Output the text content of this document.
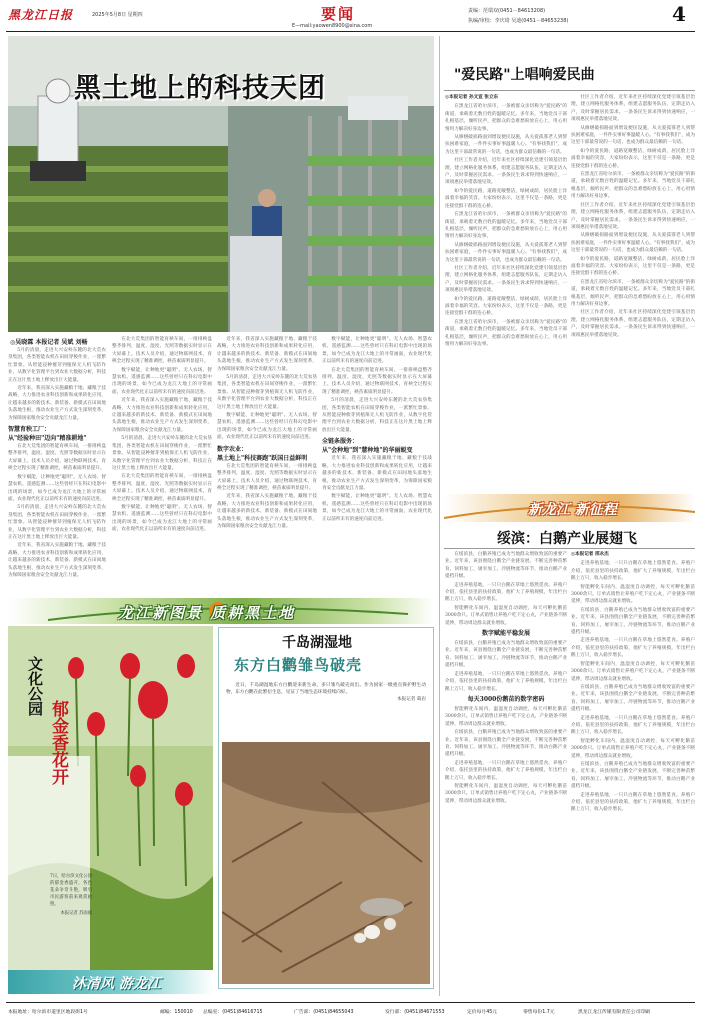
黑龙江日报	2025年5月8日 星期四	要闻
E—mail:yaowen8900@sina.com
责编：范瑞双(0451－84613208)
执编/审校：李庆琦 吴迪(0451－84653238)	4
黑土地上的科技天团
◎吴晓霖 本报记者 吴斌 刘畅

5月的清晨，走进大兴安岭东麓的北大荒农垦集团，各类智能农机在田间穿梭作业，一派繁忙景象。从智能浸种催芽到植保无人机飞防作业，从数字化管理平台到农业大数据分析，科技正在这片黑土地上释放出巨大能量。

近年来，我省深入实施藏粮于地、藏粮于技战略，大力推进农业科技创新和成果转化应用，让越来越多的新技术、新装备、新模式在田间地头落地生根，推动农业生产方式发生深刻变革，为保障国家粮食安全贡献龙江力量。

智慧育秧工厂：
从"经验种田"迈向"精准耕地"

在北大荒集团的智能育秧车间，一排排秧盘整齐排列，温度、湿度、光照等数据实时显示在大屏幕上。技术人员介绍，通过物联网技术，育秧全过程实现了精准调控，秧苗素质明显提升。

数字赋能，让种地更"聪明"。无人农场、智慧农机、遥感监测……这些曾经只在科幻电影中出现的场景，如今已成为龙江大地上的寻常画面，农业现代化正以前所未有的速度向前迈进。

5月的清晨，走进大兴安岭东麓的北大荒农垦集团，各类智能农机在田间穿梭作业，一派繁忙景象。从智能浸种催芽到植保无人机飞防作业，从数字化管理平台到农业大数据分析，科技正在这片黑土地上释放出巨大能量。

近年来，我省深入实施藏粮于地、藏粮于技战略，大力推进农业科技创新和成果转化应用，让越来越多的新技术、新装备、新模式在田间地头落地生根，推动农业生产方式发生深刻变革，为保障国家粮食安全贡献龙江力量。

在北大荒集团的智能育秧车间，一排排秧盘整齐排列，温度、湿度、光照等数据实时显示在大屏幕上。技术人员介绍，通过物联网技术，育秧全过程实现了精准调控，秧苗素质明显提升。

数字赋能，让种地更"聪明"。无人农场、智慧农机、遥感监测……这些曾经只在科幻电影中出现的场景，如今已成为龙江大地上的寻常画面，农业现代化正以前所未有的速度向前迈进。

近年来，我省深入实施藏粮于地、藏粮于技战略，大力推进农业科技创新和成果转化应用，让越来越多的新技术、新装备、新模式在田间地头落地生根，推动农业生产方式发生深刻变革，为保障国家粮食安全贡献龙江力量。

5月的清晨，走进大兴安岭东麓的北大荒农垦集团，各类智能农机在田间穿梭作业，一派繁忙景象。从智能浸种催芽到植保无人机飞防作业，从数字化管理平台到农业大数据分析，科技正在这片黑土地上释放出巨大能量。

在北大荒集团的智能育秧车间，一排排秧盘整齐排列，温度、湿度、光照等数据实时显示在大屏幕上。技术人员介绍，通过物联网技术，育秧全过程实现了精准调控，秧苗素质明显提升。

数字赋能，让种地更"聪明"。无人农场、智慧农机、遥感监测……这些曾经只在科幻电影中出现的场景，如今已成为龙江大地上的寻常画面，农业现代化正以前所未有的速度向前迈进。

近年来，我省深入实施藏粮于地、藏粮于技战略，大力推进农业科技创新和成果转化应用，让越来越多的新技术、新装备、新模式在田间地头落地生根，推动农业生产方式发生深刻变革，为保障国家粮食安全贡献龙江力量。

5月的清晨，走进大兴安岭东麓的北大荒农垦集团，各类智能农机在田间穿梭作业，一派繁忙景象。从智能浸种催芽到植保无人机飞防作业，从数字化管理平台到农业大数据分析，科技正在这片黑土地上释放出巨大能量。

数字赋能，让种地更"聪明"。无人农场、智慧农机、遥感监测……这些曾经只在科幻电影中出现的场景，如今已成为龙江大地上的寻常画面，农业现代化正以前所未有的速度向前迈进。

数字农业：
黑土地上"科技赛跑"跃国日益鲜明

在北大荒集团的智能育秧车间，一排排秧盘整齐排列，温度、湿度、光照等数据实时显示在大屏幕上。技术人员介绍，通过物联网技术，育秧全过程实现了精准调控，秧苗素质明显提升。

近年来，我省深入实施藏粮于地、藏粮于技战略，大力推进农业科技创新和成果转化应用，让越来越多的新技术、新装备、新模式在田间地头落地生根，推动农业生产方式发生深刻变革，为保障国家粮食安全贡献龙江力量。

数字赋能，让种地更"聪明"。无人农场、智慧农机、遥感监测……这些曾经只在科幻电影中出现的场景，如今已成为龙江大地上的寻常画面，农业现代化正以前所未有的速度向前迈进。

在北大荒集团的智能育秧车间，一排排秧盘整齐排列，温度、湿度、光照等数据实时显示在大屏幕上。技术人员介绍，通过物联网技术，育秧全过程实现了精准调控，秧苗素质明显提升。

5月的清晨，走进大兴安岭东麓的北大荒农垦集团，各类智能农机在田间穿梭作业，一派繁忙景象。从智能浸种催芽到植保无人机飞防作业，从数字化管理平台到农业大数据分析，科技正在这片黑土地上释放出巨大能量。

全链条服务：
从"会种地"到"慧种地"的华丽蜕变

近年来，我省深入实施藏粮于地、藏粮于技战略，大力推进农业科技创新和成果转化应用，让越来越多的新技术、新装备、新模式在田间地头落地生根，推动农业生产方式发生深刻变革，为保障国家粮食安全贡献龙江力量。

数字赋能，让种地更"聪明"。无人农场、智慧农机、遥感监测……这些曾经只在科幻电影中出现的场景，如今已成为龙江大地上的寻常画面，农业现代化正以前所未有的速度向前迈进。

"爱民路"上唱响爱民曲
◎本报记者 孙文宣 张立东

在黑龙江省哈尔滨市，一条被群众亲切称为"爱民路"的街道，承载着无数百姓的温暖记忆。多年来，当地党员干部扎根基层，倾听民声，把群众的急难愁盼放在心上，用心用情用力解决好身边事。

从修缮破损路面到增设便民设施，从关爱孤寡老人到帮扶困难家庭，一件件实事好事温暖人心。"有事找我们"，成为这里干部最常说的一句话，也成为群众最信赖的一句话。

社区工作者介绍，近年来社区持续深化党建引领基层治理，建立网格化服务体系，组建志愿服务队伍，定期走访入户，及时掌握居民需求。一条条民生诉求得到快速响应，一项项惠民举措落地见效。

如今的爱民路，道路宽敞整洁，绿树成荫，居民脸上洋溢着幸福的笑容。大家纷纷表示，这里不仅是一条路，更是连接党群干群的连心桥。

在黑龙江省哈尔滨市，一条被群众亲切称为"爱民路"的街道，承载着无数百姓的温暖记忆。多年来，当地党员干部扎根基层，倾听民声，把群众的急难愁盼放在心上，用心用情用力解决好身边事。

从修缮破损路面到增设便民设施，从关爱孤寡老人到帮扶困难家庭，一件件实事好事温暖人心。"有事找我们"，成为这里干部最常说的一句话，也成为群众最信赖的一句话。

社区工作者介绍，近年来社区持续深化党建引领基层治理，建立网格化服务体系，组建志愿服务队伍，定期走访入户，及时掌握居民需求。一条条民生诉求得到快速响应，一项项惠民举措落地见效。

如今的爱民路，道路宽敞整洁，绿树成荫，居民脸上洋溢着幸福的笑容。大家纷纷表示，这里不仅是一条路，更是连接党群干群的连心桥。

在黑龙江省哈尔滨市，一条被群众亲切称为"爱民路"的街道，承载着无数百姓的温暖记忆。多年来，当地党员干部扎根基层，倾听民声，把群众的急难愁盼放在心上，用心用情用力解决好身边事。

社区工作者介绍，近年来社区持续深化党建引领基层治理，建立网格化服务体系，组建志愿服务队伍，定期走访入户，及时掌握居民需求。一条条民生诉求得到快速响应，一项项惠民举措落地见效。

从修缮破损路面到增设便民设施，从关爱孤寡老人到帮扶困难家庭，一件件实事好事温暖人心。"有事找我们"，成为这里干部最常说的一句话，也成为群众最信赖的一句话。

如今的爱民路，道路宽敞整洁，绿树成荫，居民脸上洋溢着幸福的笑容。大家纷纷表示，这里不仅是一条路，更是连接党群干群的连心桥。

在黑龙江省哈尔滨市，一条被群众亲切称为"爱民路"的街道，承载着无数百姓的温暖记忆。多年来，当地党员干部扎根基层，倾听民声，把群众的急难愁盼放在心上，用心用情用力解决好身边事。

社区工作者介绍，近年来社区持续深化党建引领基层治理，建立网格化服务体系，组建志愿服务队伍，定期走访入户，及时掌握居民需求。一条条民生诉求得到快速响应，一项项惠民举措落地见效。

从修缮破损路面到增设便民设施，从关爱孤寡老人到帮扶困难家庭，一件件实事好事温暖人心。"有事找我们"，成为这里干部最常说的一句话，也成为群众最信赖的一句话。

如今的爱民路，道路宽敞整洁，绿树成荫，居民脸上洋溢着幸福的笑容。大家纷纷表示，这里不仅是一条路，更是连接党群干群的连心桥。

在黑龙江省哈尔滨市，一条被群众亲切称为"爱民路"的街道，承载着无数百姓的温暖记忆。多年来，当地党员干部扎根基层，倾听民声，把群众的急难愁盼放在心上，用心用情用力解决好身边事。

社区工作者介绍，近年来社区持续深化党建引领基层治理，建立网格化服务体系，组建志愿服务队伍，定期走访入户，及时掌握居民需求。一条条民生诉求得到快速响应，一项项惠民举措落地见效。

新龙江 新征程
绥滨：白鹅产业展翅飞

在绥滨县，白鹅养殖已成为当地群众增收致富的重要产业。近年来，该县围绕白鹅全产业链发展，不断完善种苗繁育、饲料加工、屠宰加工、冷链物流等环节，推动白鹅产业提档升级。

走进养殖基地，一只只白鹅在草地上悠然觅食。养殖户介绍，依托县里的扶持政策，他扩大了养殖规模，年出栏白鹅上万只，收入稳步增长。

智能孵化车间内，温湿度自动调控，每天可孵化鹅苗3000余只。订单式销售让养殖户吃下定心丸，产业链条不断延伸，带动周边群众就业增收。

数字赋能平稳发展

在绥滨县，白鹅养殖已成为当地群众增收致富的重要产业。近年来，该县围绕白鹅全产业链发展，不断完善种苗繁育、饲料加工、屠宰加工、冷链物流等环节，推动白鹅产业提档升级。

走进养殖基地，一只只白鹅在草地上悠然觅食。养殖户介绍，依托县里的扶持政策，他扩大了养殖规模，年出栏白鹅上万只，收入稳步增长。

每天3000份鹅苗的数字密码

智能孵化车间内，温湿度自动调控，每天可孵化鹅苗3000余只。订单式销售让养殖户吃下定心丸，产业链条不断延伸，带动周边群众就业增收。

在绥滨县，白鹅养殖已成为当地群众增收致富的重要产业。近年来，该县围绕白鹅全产业链发展，不断完善种苗繁育、饲料加工、屠宰加工、冷链物流等环节，推动白鹅产业提档升级。

走进养殖基地，一只只白鹅在草地上悠然觅食。养殖户介绍，依托县里的扶持政策，他扩大了养殖规模，年出栏白鹅上万只，收入稳步增长。

智能孵化车间内，温湿度自动调控，每天可孵化鹅苗3000余只。订单式销售让养殖户吃下定心丸，产业链条不断延伸，带动周边群众就业增收。

◎本报记者 邢永杰

走进养殖基地，一只只白鹅在草地上悠然觅食。养殖户介绍，依托县里的扶持政策，他扩大了养殖规模，年出栏白鹅上万只，收入稳步增长。

智能孵化车间内，温湿度自动调控，每天可孵化鹅苗3000余只。订单式销售让养殖户吃下定心丸，产业链条不断延伸，带动周边群众就业增收。

在绥滨县，白鹅养殖已成为当地群众增收致富的重要产业。近年来，该县围绕白鹅全产业链发展，不断完善种苗繁育、饲料加工、屠宰加工、冷链物流等环节，推动白鹅产业提档升级。

走进养殖基地，一只只白鹅在草地上悠然觅食。养殖户介绍，依托县里的扶持政策，他扩大了养殖规模，年出栏白鹅上万只，收入稳步增长。

智能孵化车间内，温湿度自动调控，每天可孵化鹅苗3000余只。订单式销售让养殖户吃下定心丸，产业链条不断延伸，带动周边群众就业增收。

在绥滨县，白鹅养殖已成为当地群众增收致富的重要产业。近年来，该县围绕白鹅全产业链发展，不断完善种苗繁育、饲料加工、屠宰加工、冷链物流等环节，推动白鹅产业提档升级。

走进养殖基地，一只只白鹅在草地上悠然觅食。养殖户介绍，依托县里的扶持政策，他扩大了养殖规模，年出栏白鹅上万只，收入稳步增长。

智能孵化车间内，温湿度自动调控，每天可孵化鹅苗3000余只。订单式销售让养殖户吃下定心丸，产业链条不断延伸，带动周边群众就业增收。

在绥滨县，白鹅养殖已成为当地群众增收致富的重要产业。近年来，该县围绕白鹅全产业链发展，不断完善种苗繁育、饲料加工、屠宰加工、冷链物流等环节，推动白鹅产业提档升级。

走进养殖基地，一只只白鹅在草地上悠然觅食。养殖户介绍，依托县里的扶持政策，他扩大了养殖规模，年出栏白鹅上万只，收入稳步增长。

龙江新图景 质耕黑土地
文化公园
郁金香花开
7日，哈尔滨文化公园的郁金香盛开，各色花朵争奇斗艳，吸引市民游客前来观赏拍照。
本报记者 苏雨福
千岛湖湿地
东方白鹳雏鸟破壳
近日，千岛湖湿地东方白鹳迎来新生命，多只雏鸟破壳而出。作为国家一级重点保护野生动物，东方白鹳在此繁衍生息，见证了当地生态环境持续向好。
本报记者 葛岩
沐清风 游龙江
本报地址：哈尔滨市道里区地段街1号	邮编：150010 总编室：(0451)84616715	广告部：(0451)84655043	发行部：(0451)84671553	定价每月45元	零售每份1.7元	黑龙江龙江传媒有限责任公司印刷
